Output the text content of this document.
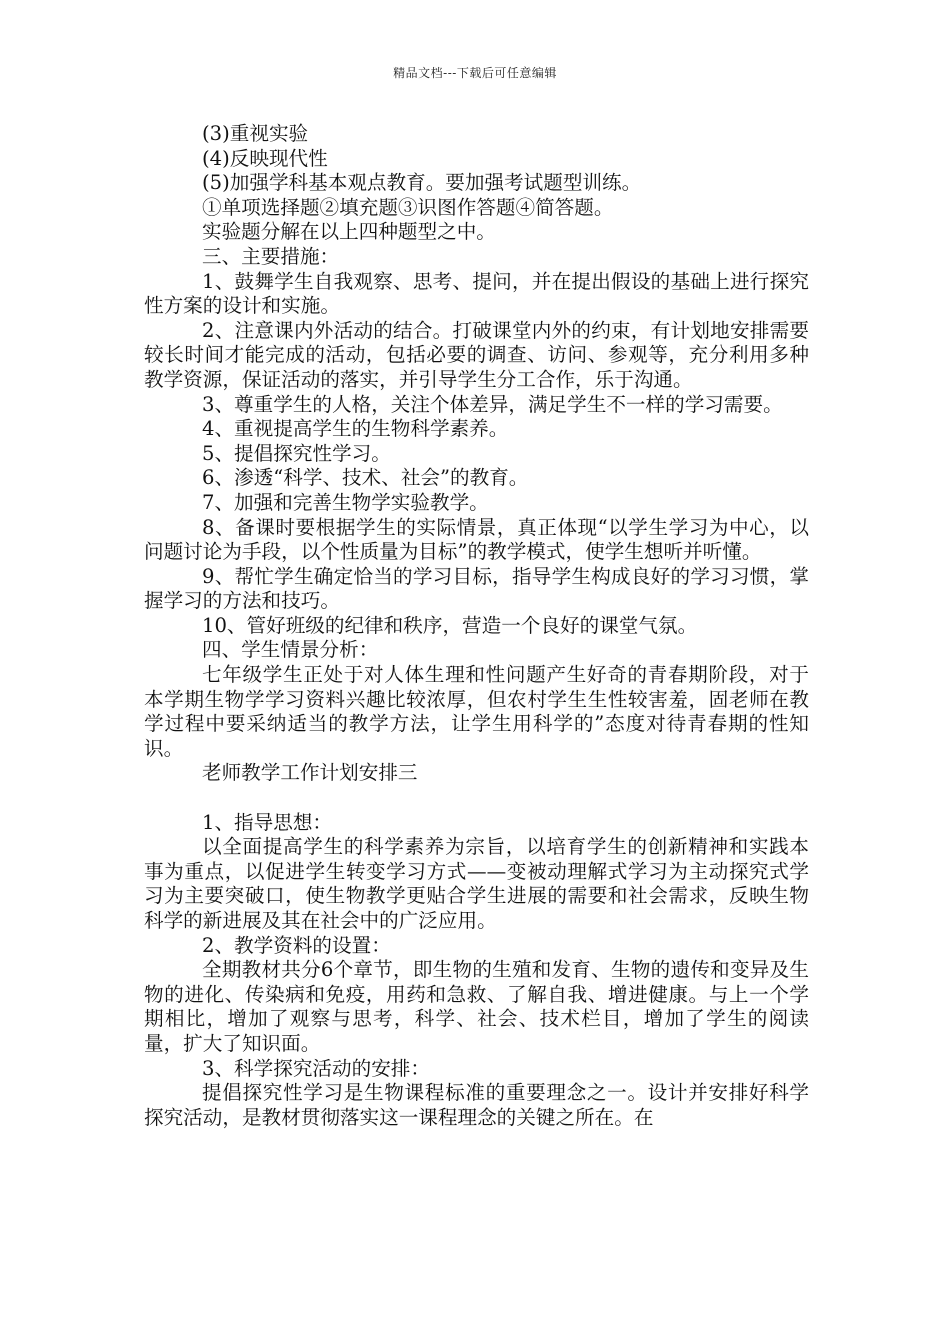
精品文档---下载后可任意编辑

(3)重视实验

(4)反映现代性

(5)加强学科基本观点教育。要加强考试题型训练。

①单项选择题②填充题③识图作答题④简答题。

实验题分解在以上四种题型之中。

三、主要措施：

1、鼓舞学生自我观察、思考、提问，并在提出假设的基础上进行探究性方案的设计和实施。

2、注意课内外活动的结合。打破课堂内外的约束，有计划地安排需要较长时间才能完成的活动，包括必要的调查、访问、参观等，充分利用多种教学资源，保证活动的落实，并引导学生分工合作，乐于沟通。

3、尊重学生的人格，关注个体差异，满足学生不一样的学习需要。

4、重视提高学生的生物科学素养。

5、提倡探究性学习。

6、渗透“科学、技术、社会”的教育。

7、加强和完善生物学实验教学。

8、备课时要根据学生的实际情景，真正体现“以学生学习为中心，以问题讨论为手段，以个性质量为目标”的教学模式，使学生想听并听懂。

9、帮忙学生确定恰当的学习目标，指导学生构成良好的学习习惯，掌握学习的方法和技巧。

10、管好班级的纪律和秩序，营造一个良好的课堂气氛。

四、学生情景分析：

七年级学生正处于对人体生理和性问题产生好奇的青春期阶段，对于本学期生物学学习资料兴趣比较浓厚，但农村学生生性较害羞，固老师在教学过程中要采纳适当的教学方法，让学生用科学的”态度对待青春期的性知识。

老师教学工作计划安排三

1、指导思想：

以全面提高学生的科学素养为宗旨，以培育学生的创新精神和实践本事为重点，以促进学生转变学习方式——变被动理解式学习为主动探究式学习为主要突破口，使生物教学更贴合学生进展的需要和社会需求，反映生物科学的新进展及其在社会中的广泛应用。

2、教学资料的设置：

全期教材共分6个章节，即生物的生殖和发育、生物的遗传和变异及生物的进化、传染病和免疫，用药和急救、了解自我、增进健康。与上一个学期相比，增加了观察与思考，科学、社会、技术栏目，增加了学生的阅读量，扩大了知识面。

3、科学探究活动的安排：

提倡探究性学习是生物课程标准的重要理念之一。设计并安排好科学探究活动，是教材贯彻落实这一课程理念的关键之所在。在
